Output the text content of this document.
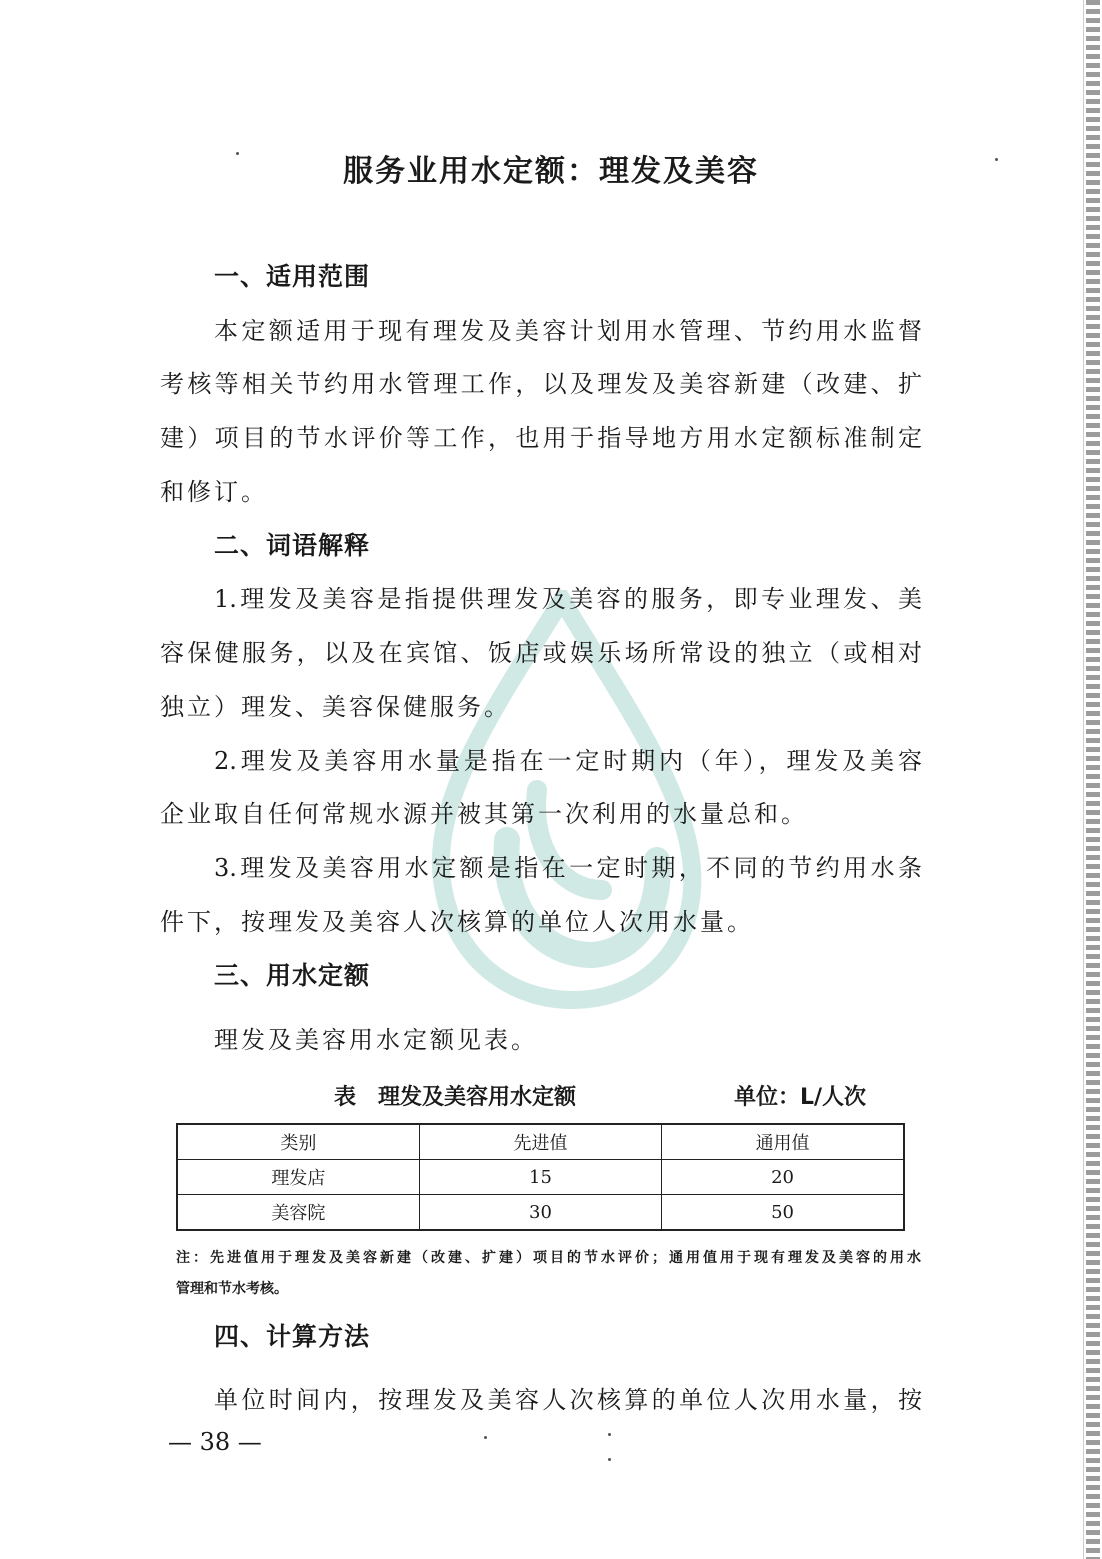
服务业用水定额：理发及美容
一、适用范围
本定额适用于现有理发及美容计划用水管理、节约用水监督
考核等相关节约用水管理工作，以及理发及美容新建（改建、扩
建）项目的节水评价等工作，也用于指导地方用水定额标准制定
和修订。
二、词语解释
1.理发及美容是指提供理发及美容的服务，即专业理发、美
容保健服务，以及在宾馆、饭店或娱乐场所常设的独立（或相对
独立）理发、美容保健服务。
2.理发及美容用水量是指在一定时期内（年），理发及美容
企业取自任何常规水源并被其第一次利用的水量总和。
3.理发及美容用水定额是指在一定时期，不同的节约用水条
件下，按理发及美容人次核算的单位人次用水量。
三、用水定额
理发及美容用水定额见表。
表　理发及美容用水定额	单位：L/人次
类别	先进值	通用值
理发店	15	20
美容院	30	50
注：先进值用于理发及美容新建（改建、扩建）项目的节水评价；通用值用于现有理发及美容的用水
管理和节水考核。
四、计算方法
单位时间内，按理发及美容人次核算的单位人次用水量，按
— 38 —
